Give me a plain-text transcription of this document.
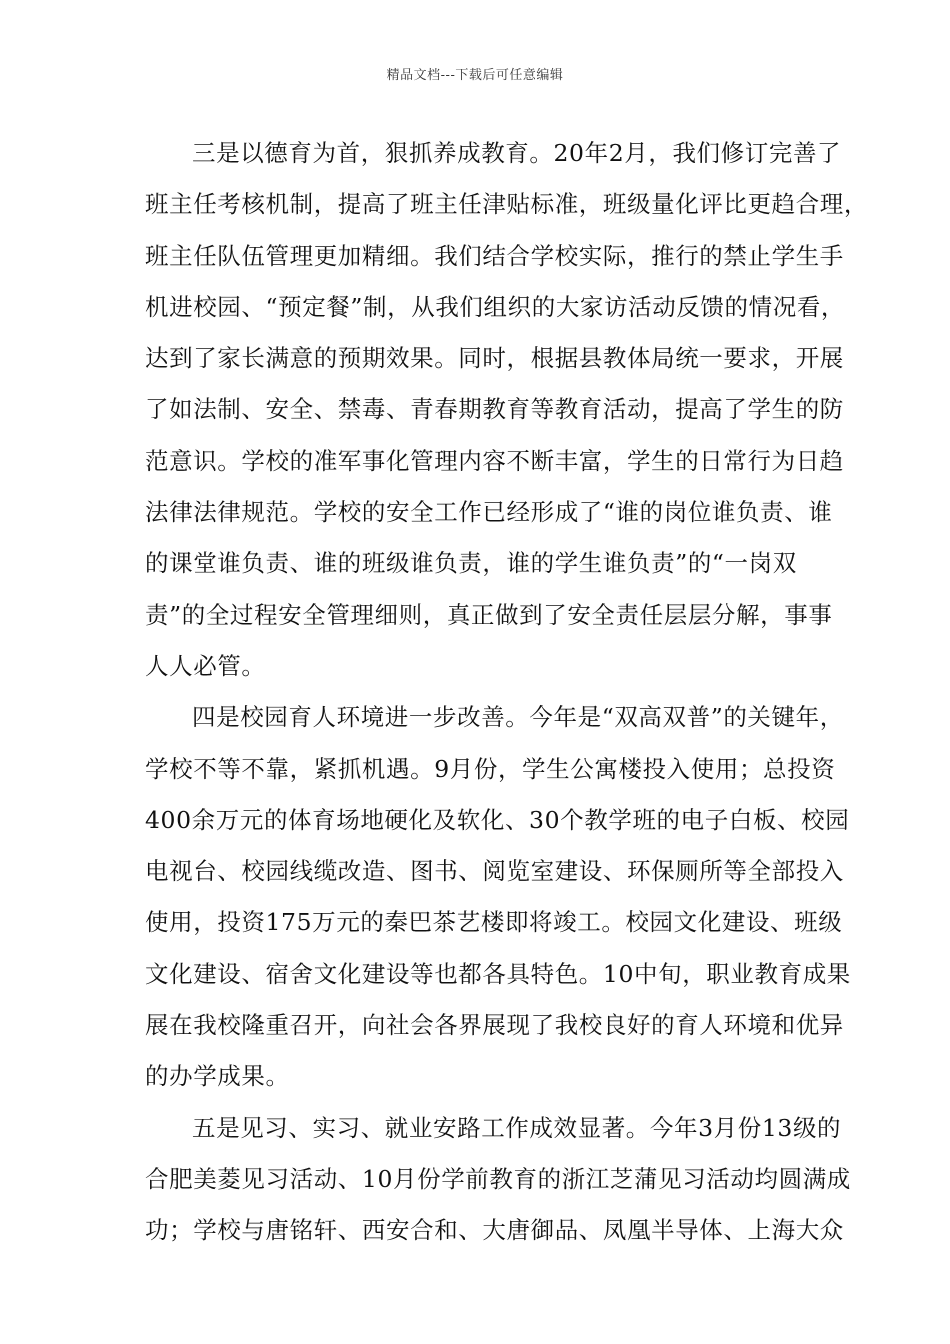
精品文档---下载后可任意编辑
三是以德育为首，狠抓养成教育。20年2月，我们修订完善了
班主任考核机制，提高了班主任津贴标准，班级量化评比更趋合理，
班主任队伍管理更加精细。我们结合学校实际，推行的禁止学生手
机进校园、“预定餐”制，从我们组织的大家访活动反馈的情况看，
达到了家长满意的预期效果。同时，根据县教体局统一要求，开展
了如法制、安全、禁毒、青春期教育等教育活动，提高了学生的防
范意识。学校的准军事化管理内容不断丰富，学生的日常行为日趋
法律法律规范。学校的安全工作已经形成了“谁的岗位谁负责、谁
的课堂谁负责、谁的班级谁负责，谁的学生谁负责”的“一岗双
责”的全过程安全管理细则，真正做到了安全责任层层分解，事事
人人必管。
四是校园育人环境进一步改善。今年是“双高双普”的关键年，
学校不等不靠，紧抓机遇。9月份，学生公寓楼投入使用；总投资
400余万元的体育场地硬化及软化、30个教学班的电子白板、校园
电视台、校园线缆改造、图书、阅览室建设、环保厕所等全部投入
使用，投资175万元的秦巴茶艺楼即将竣工。校园文化建设、班级
文化建设、宿舍文化建设等也都各具特色。10中旬，职业教育成果
展在我校隆重召开，向社会各界展现了我校良好的育人环境和优异
的办学成果。
五是见习、实习、就业安路工作成效显著。今年3月份13级的
合肥美菱见习活动、10月份学前教育的浙江芝蒲见习活动均圆满成
功；学校与唐铭轩、西安合和、大唐御品、凤凰半导体、上海大众
